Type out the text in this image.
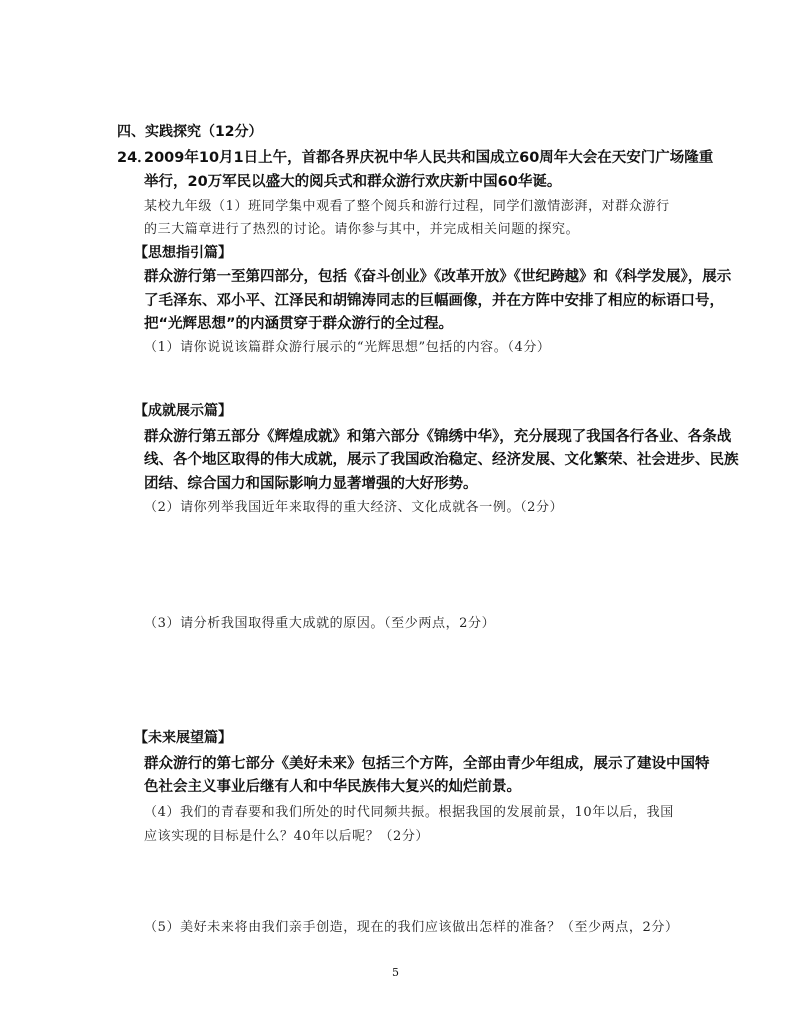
四、实践探究（12分）
24．
2009年10月1日上午，首都各界庆祝中华人民共和国成立60周年大会在天安门广场隆重
举行，20万军民以盛大的阅兵式和群众游行欢庆新中国60华诞。
某校九年级（1）班同学集中观看了整个阅兵和游行过程，同学们激情澎湃，对群众游行
的三大篇章进行了热烈的讨论。请你参与其中，并完成相关问题的探究。
【思想指引篇】
群众游行第一至第四部分，包括《奋斗创业》《改革开放》《世纪跨越》和《科学发展》，展示
了毛泽东、邓小平、江泽民和胡锦涛同志的巨幅画像，并在方阵中安排了相应的标语口号，
把“光辉思想”的内涵贯穿于群众游行的全过程。
（1）请你说说该篇群众游行展示的“光辉思想”包括的内容。（4分）
【成就展示篇】
群众游行第五部分《辉煌成就》和第六部分《锦绣中华》，充分展现了我国各行各业、各条战
线、各个地区取得的伟大成就，展示了我国政治稳定、经济发展、文化繁荣、社会进步、民族
团结、综合国力和国际影响力显著增强的大好形势。
（2）请你列举我国近年来取得的重大经济、文化成就各一例。（2分）
（3）请分析我国取得重大成就的原因。（至少两点，2分）
【未来展望篇】
群众游行的第七部分《美好未来》包括三个方阵，全部由青少年组成，展示了建设中国特
色社会主义事业后继有人和中华民族伟大复兴的灿烂前景。
（4）我们的青春要和我们所处的时代同频共振。根据我国的发展前景，10年以后，我国
应该实现的目标是什么？40年以后呢？（2分）
（5）美好未来将由我们亲手创造，现在的我们应该做出怎样的准备？（至少两点，2分）
5
